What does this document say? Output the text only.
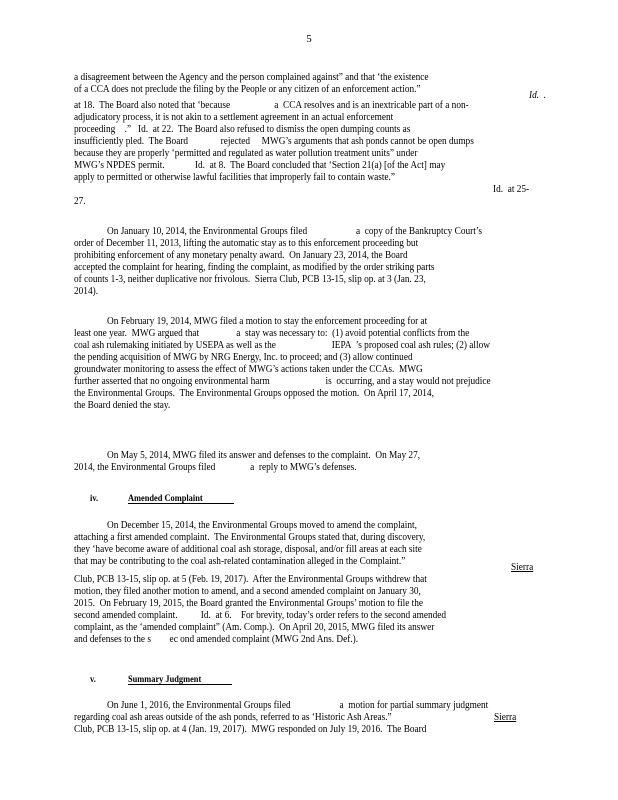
5
a disagreement between the Agency and the person complained against” and that ‘the existence
of a CCA does not preclude the filing by the People or any citizen of an enforcement action.”
Id.  .
at 18.  The Board also noted that ‘because                   a  CCA resolves and is an inextricable part of a non-
adjudicatory process, it is not akin to a settlement agreement in an actual enforcement
proceeding    .”   Id.  at 22.  The Board also refused to dismiss the open dumping counts as
insufficiently pled.  The Board              rejected     MWG’s arguments that ash ponds cannot be open dumps
because they are properly ‘permitted and regulated as water pollution treatment units” under
MWG’s NPDES permit.             Id.  at 8.  The Board concluded that ‘Section 21(a) [of the Act] may
apply to permitted or otherwise lawful facilities that improperly fail to contain waste.”
Id.  at 25-
27.
On January 10, 2014, the Environmental Groups filed                     a  copy of the Bankruptcy Court’s
order of December 11, 2013, lifting the automatic stay as to this enforcement proceeding but
prohibiting enforcement of any monetary penalty award.  On January 23, 2014, the Board
accepted the complaint for hearing, finding the complaint, as modified by the order striking parts
of counts 1-3, neither duplicative nor frivolous.  Sierra Club, PCB 13-15, slip op. at 3 (Jan. 23,
2014).
On February 19, 2014, MWG filed a motion to stay the enforcement proceeding for at
least one year.  MWG argued that                a  stay was necessary to:  (1) avoid potential conflicts from the
coal ash rulemaking initiated by USEPA as well as the                        IEPA  ’s proposed coal ash rules; (2) allow
the pending acquisition of MWG by NRG Energy, Inc. to proceed; and (3) allow continued
groundwater monitoring to assess the effect of MWG’s actions taken under the CCAs.  MWG
further asserted that no ongoing environmental harm                        is  occurring, and a stay would not prejudice
the Environmental Groups.  The Environmental Groups opposed the motion.  On April 17, 2014,
the Board denied the stay.
On May 5, 2014, MWG filed its answer and defenses to the complaint.  On May 27,
2014, the Environmental Groups filed               a  reply to MWG’s defenses.
iv.	Amended Complaint
On December 15, 2014, the Environmental Groups moved to amend the complaint,
attaching a first amended complaint.  The Environmental Groups stated that, during discovery,
they ‘have become aware of additional coal ash storage, disposal, and/or fill areas at each site
that may be contributing to the coal ash-related contamination alleged in the Complaint.”
Sierra
Club, PCB 13-15, slip op. at 5 (Feb. 19, 2017).  After the Environmental Groups withdrew that
motion, they filed another motion to amend, and a second amended complaint on January 30,
2015.  On February 19, 2015, the Board granted the Environmental Groups’ motion to file the
second amended complaint.          Id.  at 6.    For brevity, today’s order refers to the second amended
complaint, as the ‘amended complaint” (Am. Comp.).  On April 20, 2015, MWG filed its answer
and defenses to the s        ec ond amended complaint (MWG 2nd Ans. Def.).
v.	Summary Judgment
On June 1, 2016, the Environmental Groups filed                     a  motion for partial summary judgment
regarding coal ash areas outside of the ash ponds, referred to as ‘Historic Ash Areas.”	Sierra
Club, PCB 13-15, slip op. at 4 (Jan. 19, 2017).  MWG responded on July 19, 2016.  The Board
